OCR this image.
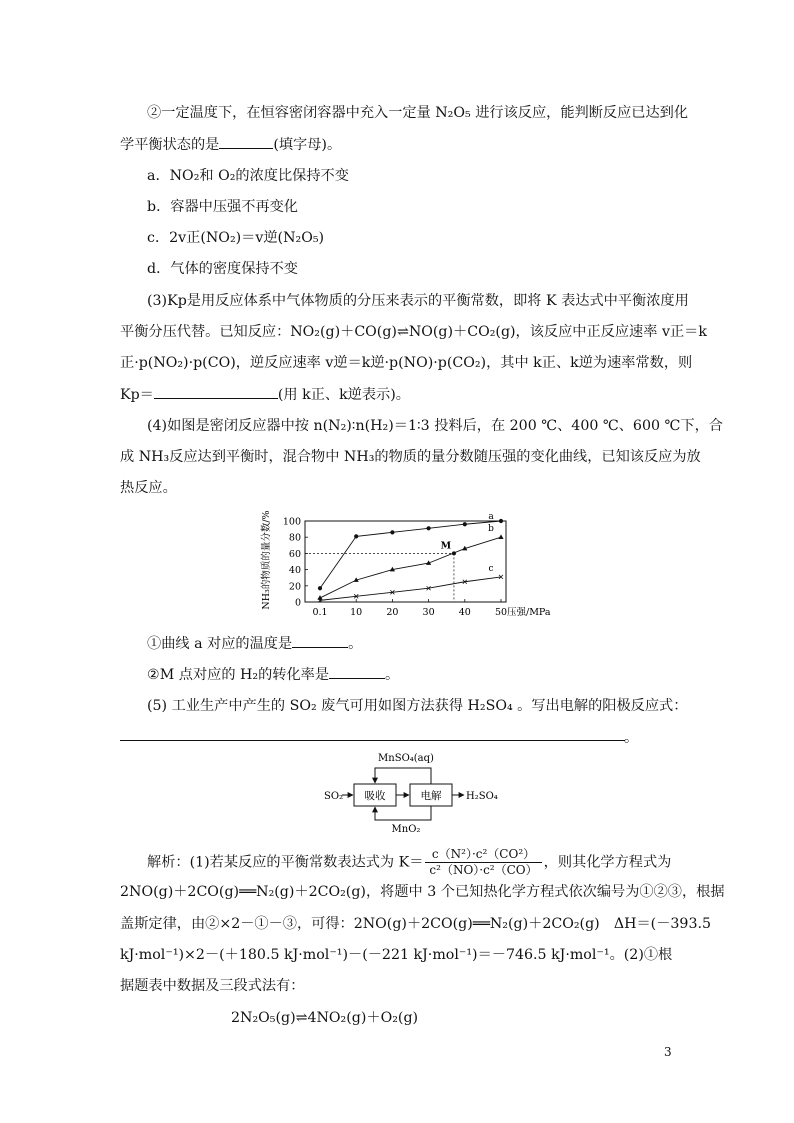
②一定温度下，在恒容密闭容器中充入一定量 N₂O₅ 进行该反应，能判断反应已达到化
学平衡状态的是	(填字母)。
a．NO₂和 O₂的浓度比保持不变
b．容器中压强不再变化
c．2v正(NO₂)＝v逆(N₂O₅)
d．气体的密度保持不变
(3)Kp是用反应体系中气体物质的分压来表示的平衡常数，即将 K 表达式中平衡浓度用
平衡分压代替。已知反应：NO₂(g)＋CO(g)⇌NO(g)＋CO₂(g)，该反应中正反应速率 v正＝k
正·p(NO₂)·p(CO)，逆反应速率 v逆＝k逆·p(NO)·p(CO₂)，其中 k正、k逆为速率常数，则
Kp＝	(用 k正、k逆表示)。
(4)如图是密闭反应器中按 n(N₂)∶n(H₂)＝1∶3 投料后，在 200 ℃、400 ℃、600 ℃下，合
成 NH₃反应达到平衡时，混合物中 NH₃的物质的量分数随压强的变化曲线，已知该反应为放
热反应。
NH₃的物质的量分数/% 0
20
40
60
80
100
0.1 10	20	30	40	50 压强/MPa
a
b
c
M
①曲线 a 对应的温度是	。
②M 点对应的 H₂的转化率是	。
(5) 工业生产中产生的 SO₂ 废气可用如图方法获得 H₂SO₄ 。写出电解的阳极反应式：
。
MnSO₄(aq)
吸收	电解
SO₂	H₂SO₄
MnO₂
解析：(1)若某反应的平衡常数表达式为 $K= \frac{\text{c（N²）·c²（CO²）}}{\text{c²（NO）·c²（CO）}}$ ，则其化学方程式为
2NO(g)＋2CO(g)══N₂(g)＋2CO₂(g)，将题中 3 个已知热化学方程式依次编号为①②③，根据
盖斯定律，由②×2－①－③，可得：2NO(g)＋2CO(g)══N₂(g)＋2CO₂(g)　ΔH＝(－393.5
kJ·mol⁻¹)×2－(＋180.5 kJ·mol⁻¹)－(－221 kJ·mol⁻¹)＝－746.5 kJ·mol⁻¹。(2)①根
据题表中数据及三段式法有：
2N₂O₅(g)⇌4NO₂(g)＋O₂(g)
3
